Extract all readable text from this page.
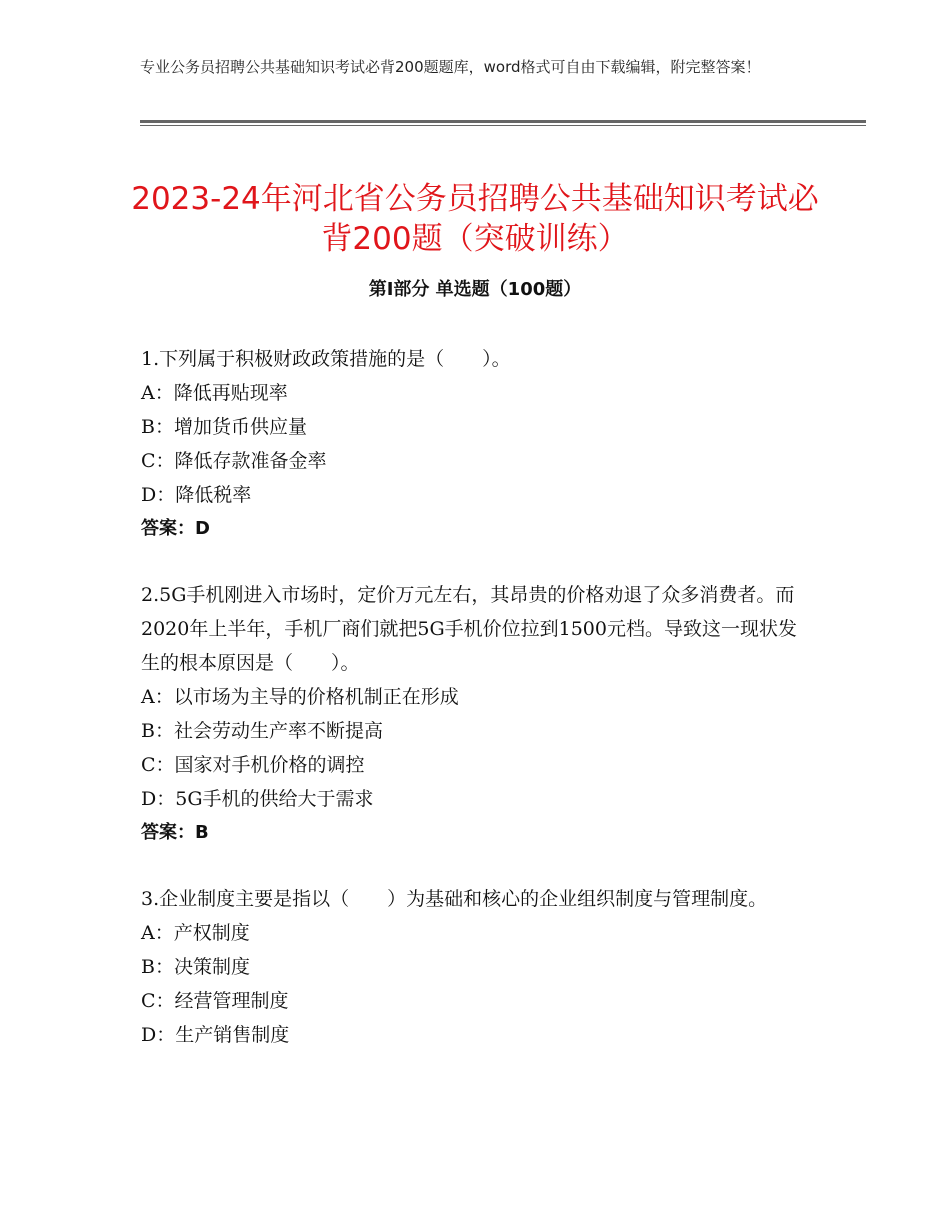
专业公务员招聘公共基础知识考试必背200题题库，word格式可自由下载编辑，附完整答案！
2023-24年河北省公务员招聘公共基础知识考试必背200题（突破训练）
第Ⅰ部分 单选题（100题）
1.下列属于积极财政政策措施的是（　　）。
A：降低再贴现率
B：增加货币供应量
C：降低存款准备金率
D：降低税率
答案：D
2.5G手机刚进入市场时，定价万元左右，其昂贵的价格劝退了众多消费者。而2020年上半年，手机厂商们就把5G手机价位拉到1500元档。导致这一现状发生的根本原因是（　　）。
A：以市场为主导的价格机制正在形成
B：社会劳动生产率不断提高
C：国家对手机价格的调控
D：5G手机的供给大于需求
答案：B
3.企业制度主要是指以（　　）为基础和核心的企业组织制度与管理制度。
A：产权制度
B：决策制度
C：经营管理制度
D：生产销售制度
